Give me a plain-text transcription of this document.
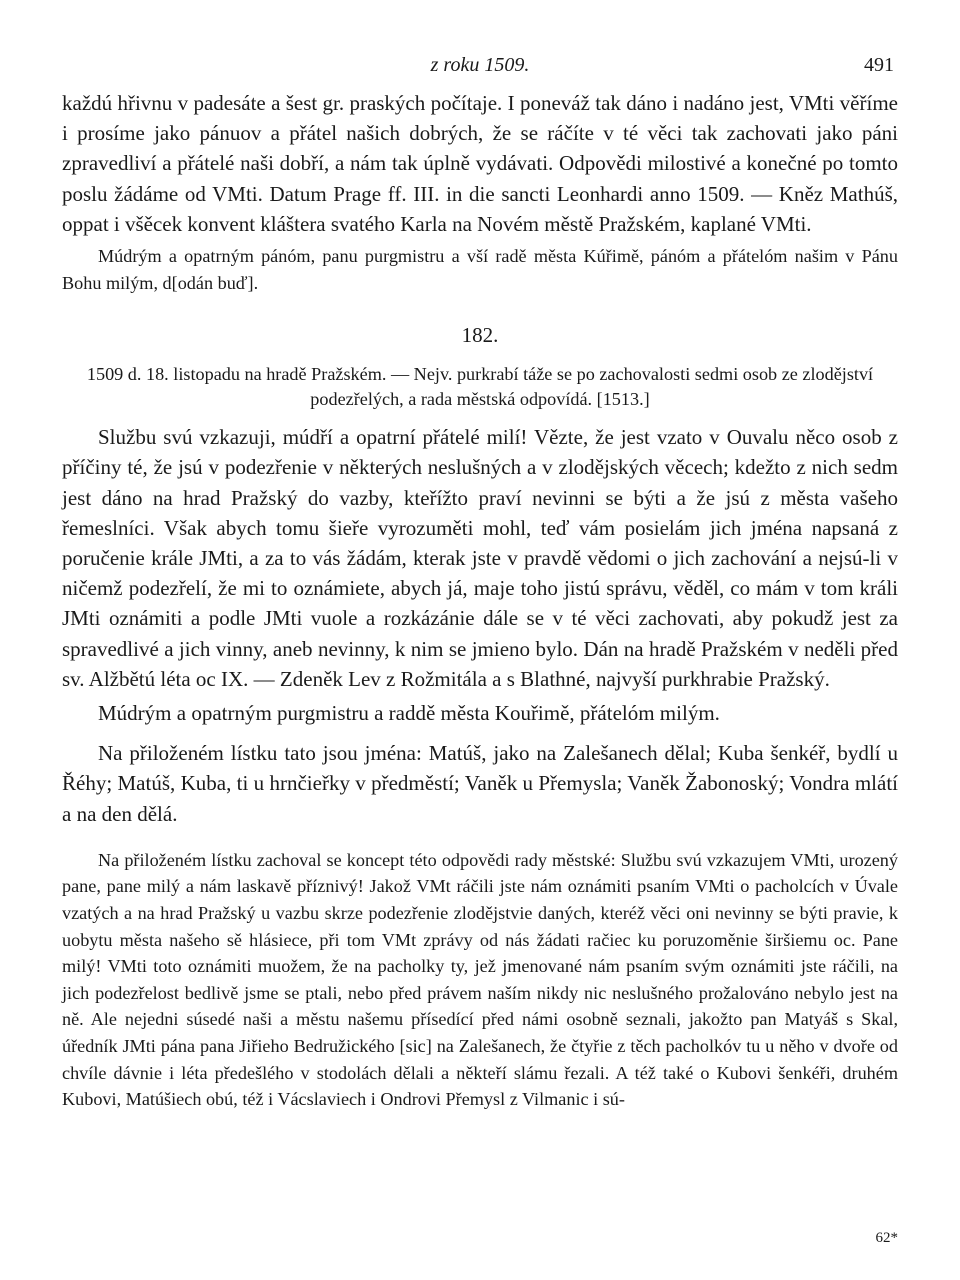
z roku 1509.	491

každú hřivnu v padesáte a šest gr. praských počítaje. I poneváž tak dáno i nadáno jest, VMti věříme i prosíme jako pánuov a přátel našich dobrých, že se ráčíte v té věci tak zachovati jako páni zpravedliví a přátelé naši dobří, a nám tak úplně vydávati. Odpovědi milostivé a konečné po tomto poslu žádáme od VMti. Datum Prage ff. III. in die sancti Leonhardi anno 1509. — Kněz Mathúš, oppat i všěcek konvent kláštera svatého Karla na Novém městě Pražském, kaplané VMti.

Múdrým a opatrným pánóm, panu purgmistru a vší radě města Kúřimě, pánóm a přátelóm našim v Pánu Bohu milým, d[odán buď].

182.

1509 d. 18. listopadu na hradě Pražském. — Nejv. purkrabí táže se po zachovalosti sedmi osob ze zlodějství podezřelých, a rada městská odpovídá. [1513.]

Službu svú vzkazuji, múdří a opatrní přátelé milí! Vězte, že jest vzato v Ouvalu něco osob z příčiny té, že jsú v podezřenie v některých neslušných a v zlodějských věcech; kdežto z nich sedm jest dáno na hrad Pražský do vazby, kteřížto praví nevinni se býti a že jsú z města vašeho řemeslníci. Však abych tomu šieře vyrozuměti mohl, teď vám posielám jich jména napsaná z poručenie krále JMti, a za to vás žádám, kterak jste v pravdě vědomi o jich zachování a nejsú-li v ničemž podezřelí, že mi to oznámiete, abych já, maje toho jistú správu, věděl, co mám v tom králi JMti oznámiti a podle JMti vuole a rozkázánie dále se v té věci zachovati, aby pokudž jest za spravedlivé a jich vinny, aneb nevinny, k nim se jmieno bylo. Dán na hradě Pražském v neděli před sv. Alžbětú léta oc IX. — Zdeněk Lev z Rožmitála a s Blathné, najvyší purkhrabie Pražský.

Múdrým a opatrným purgmistru a raddě města Kouřimě, přátelóm milým.

Na přiloženém lístku tato jsou jména: Matúš, jako na Zalešanech dělal; Kuba šenkéř, bydlí u Řéhy; Matúš, Kuba, ti u hrnčieřky v předměstí; Vaněk u Přemysla; Vaněk Žabonoský; Vondra mlátí a na den dělá.

Na přiloženém lístku zachoval se koncept této odpovědi rady městské: Službu svú vzkazujem VMti, urozený pane, pane milý a nám laskavě příznivý! Jakož VMt ráčili jste nám oznámiti psaním VMti o pacholcích v Úvale vzatých a na hrad Pražský u vazbu skrze podezřenie zlodějstvie daných, kteréž věci oni nevinny se býti pravie, k uobytu města našeho sě hlásiece, při tom VMt zprávy od nás žádati račiec ku poruzoměnie širšiemu oc. Pane milý! VMti toto oznámiti muožem, že na pacholky ty, jež jmenované nám psaním svým oznámiti jste ráčili, na jich podezřelost bedlivě jsme se ptali, nebo před právem naším nikdy nic neslušného prožalováno nebylo jest na ně. Ale nejedni súsedé naši a městu našemu přísedící před námi osobně seznali, jakožto pan Matyáš s Skal, úředník JMti pána pana Jiřieho Bedružického [sic] na Zalešanech, že čtyřie z těch pacholkóv tu u něho v dvoře od chvíle dávnie i léta předešlého v stodolách dělali a někteří slámu řezali. A též také o Kubovi šenkéři, druhém Kubovi, Matúšiech obú, též i Vácslaviech i Ondrovi Přemysl z Vilmanic i sú-

62*
